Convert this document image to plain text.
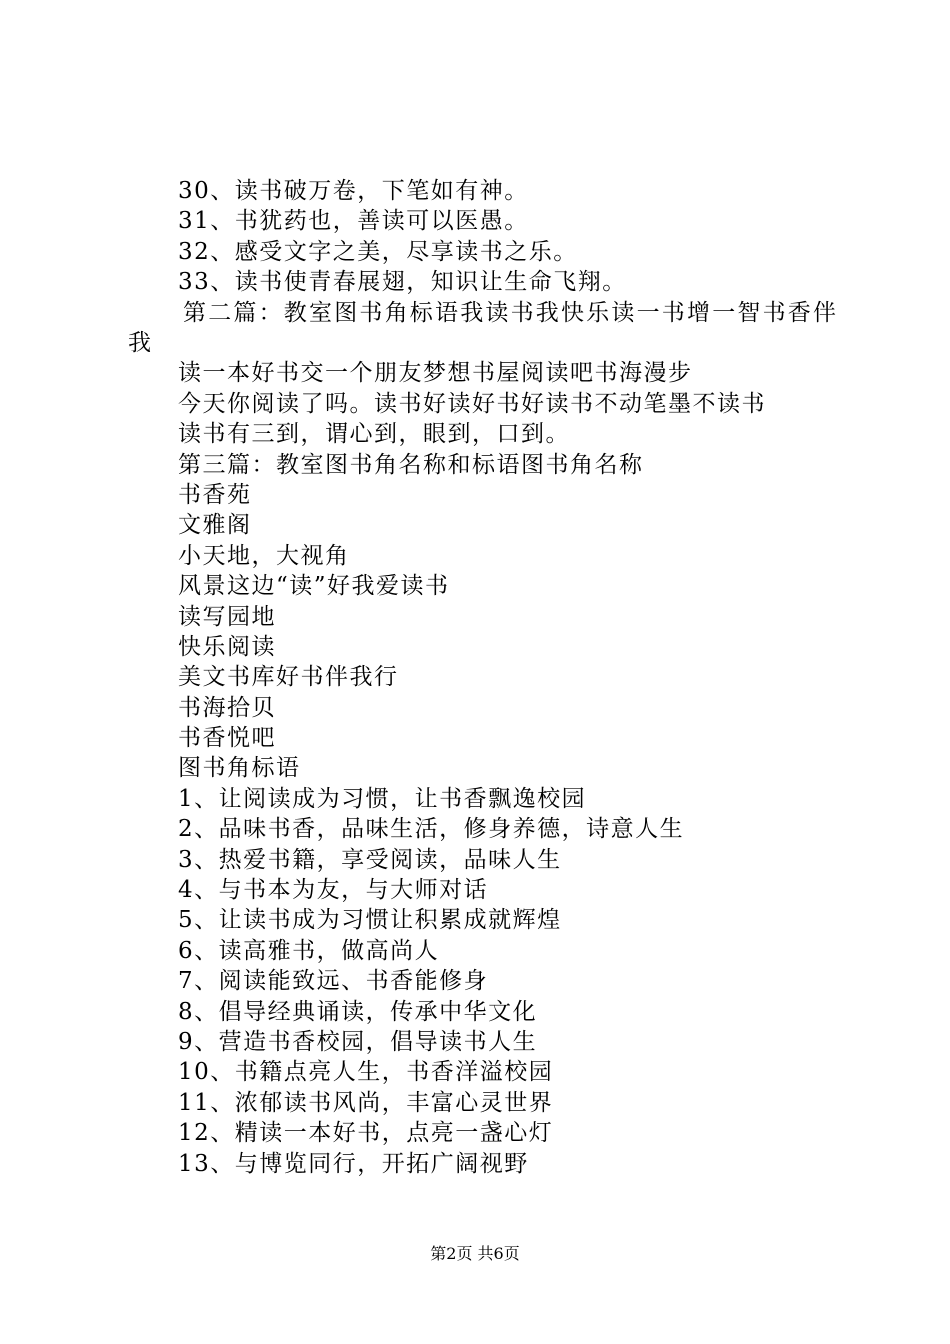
30、读书破万卷，下笔如有神。
31、书犹药也，善读可以医愚。
32、感受文字之美，尽享读书之乐。
33、读书使青春展翅，知识让生命飞翔。
第二篇：教室图书角标语我读书我快乐读一书增一智书香伴我
读一本好书交一个朋友梦想书屋阅读吧书海漫步
今天你阅读了吗。读书好读好书好读书不动笔墨不读书
读书有三到，谓心到，眼到，口到。
第三篇：教室图书角名称和标语图书角名称
书香苑
文雅阁
小天地，大视角
风景这边“读”好我爱读书
读写园地
快乐阅读
美文书库好书伴我行
书海拾贝
书香悦吧
图书角标语
1、让阅读成为习惯，让书香飘逸校园
2、品味书香，品味生活，修身养德，诗意人生
3、热爱书籍，享受阅读，品味人生
4、与书本为友，与大师对话
5、让读书成为习惯让积累成就辉煌
6、读高雅书，做高尚人
7、阅读能致远、书香能修身
8、倡导经典诵读，传承中华文化
9、营造书香校园，倡导读书人生
10、书籍点亮人生，书香洋溢校园
11、浓郁读书风尚，丰富心灵世界
12、精读一本好书，点亮一盏心灯
13、与博览同行，开拓广阔视野
第2页 共6页
